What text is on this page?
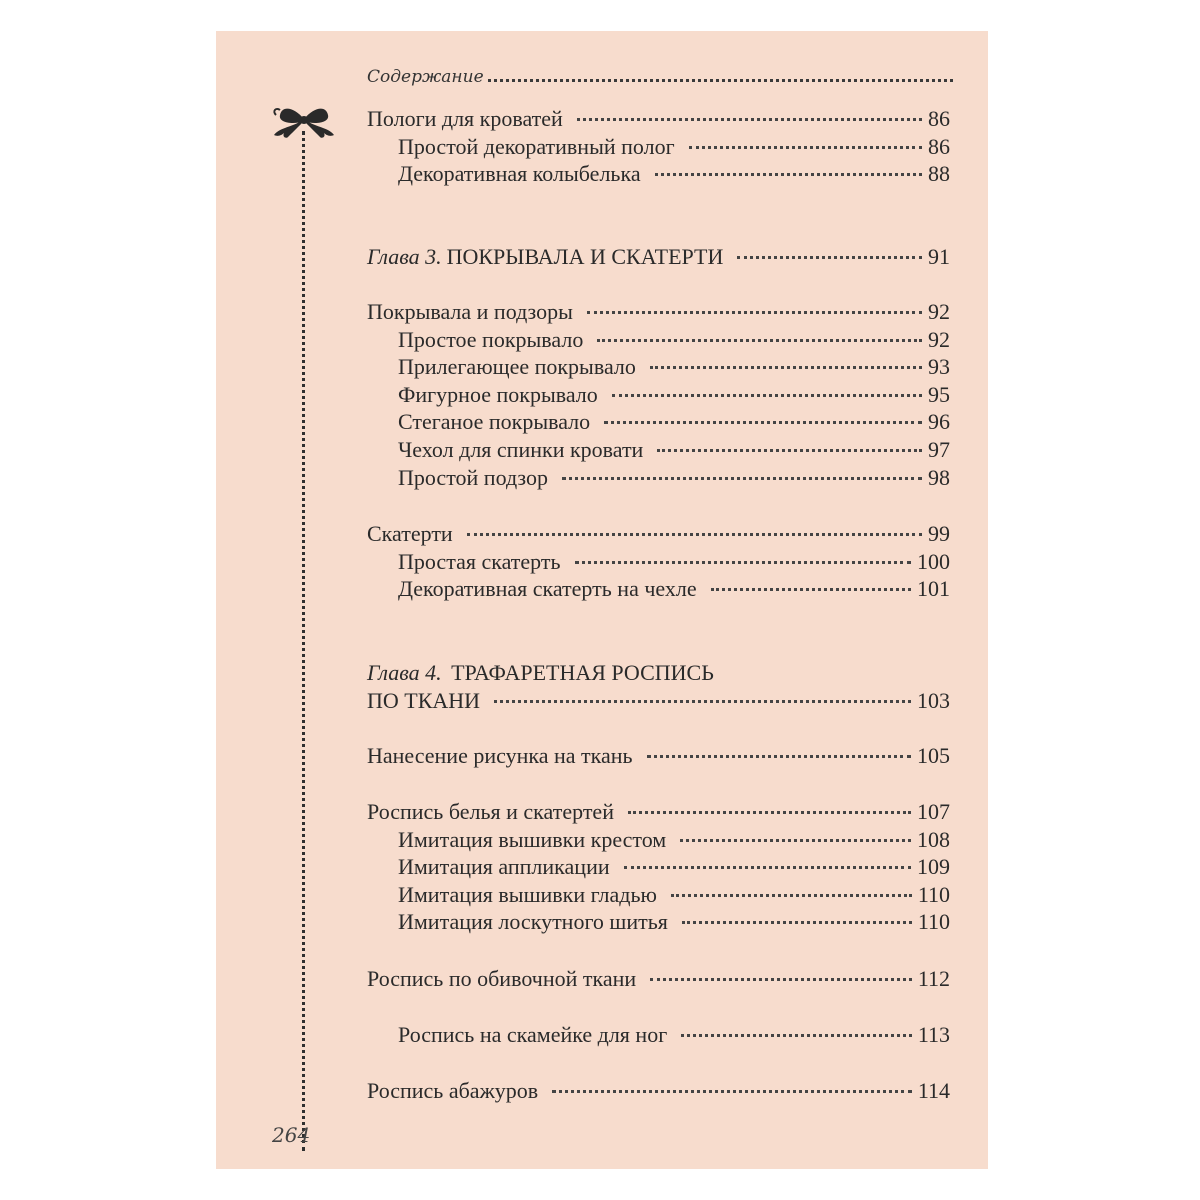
Содержание
Пологи для кроватей	86
Простой декоративный полог	86
Декоративная колыбелька	88
Глава 3. ПОКРЫВАЛА И СКАТЕРТИ	91
Покрывала и подзоры	92
Простое покрывало	92
Прилегающее покрывало	93
Фигурное покрывало	95
Стеганое покрывало	96
Чехол для спинки кровати	97
Простой подзор	98
Скатерти	99
Простая скатерть	100
Декоративная скатерть на чехле	101
Глава 4. ТРАФАРЕТНАЯ РОСПИСЬ
ПО ТКАНИ	103
Нанесение рисунка на ткань	105
Роспись белья и скатертей	107
Имитация вышивки крестом	108
Имитация аппликации	109
Имитация вышивки гладью	110
Имитация лоскутного шитья	110
Роспись по обивочной ткани	112
Роспись на скамейке для ног	113
Роспись абажуров	114
264
